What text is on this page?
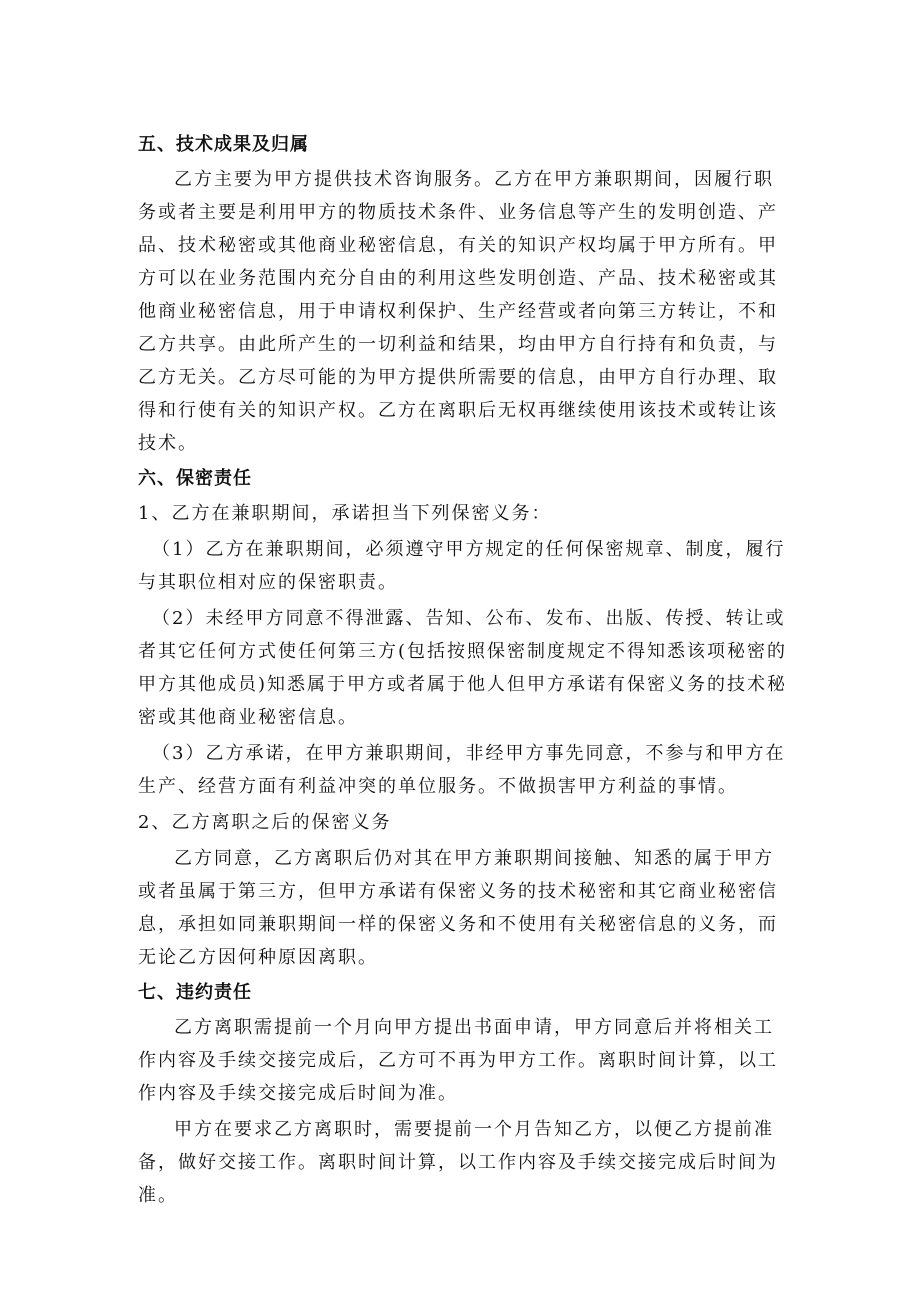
五、技术成果及归属
乙方主要为甲方提供技术咨询服务。乙方在甲方兼职期间，因履行职务或者主要是利用甲方的物质技术条件、业务信息等产生的发明创造、产品、技术秘密或其他商业秘密信息，有关的知识产权均属于甲方所有。甲方可以在业务范围内充分自由的利用这些发明创造、产品、技术秘密或其他商业秘密信息，用于申请权利保护、生产经营或者向第三方转让，不和乙方共享。由此所产生的一切利益和结果，均由甲方自行持有和负责，与乙方无关。乙方尽可能的为甲方提供所需要的信息，由甲方自行办理、取得和行使有关的知识产权。乙方在离职后无权再继续使用该技术或转让该技术。
六、保密责任
1、乙方在兼职期间，承诺担当下列保密义务：
（1）乙方在兼职期间，必须遵守甲方规定的任何保密规章、制度，履行与其职位相对应的保密职责。
（2）未经甲方同意不得泄露、告知、公布、发布、出版、传授、转让或者其它任何方式使任何第三方(包括按照保密制度规定不得知悉该项秘密的甲方其他成员)知悉属于甲方或者属于他人但甲方承诺有保密义务的技术秘密或其他商业秘密信息。
（3）乙方承诺，在甲方兼职期间，非经甲方事先同意，不参与和甲方在生产、经营方面有利益冲突的单位服务。不做损害甲方利益的事情。
2、乙方离职之后的保密义务
乙方同意，乙方离职后仍对其在甲方兼职期间接触、知悉的属于甲方或者虽属于第三方，但甲方承诺有保密义务的技术秘密和其它商业秘密信息，承担如同兼职期间一样的保密义务和不使用有关秘密信息的义务，而无论乙方因何种原因离职。
七、违约责任
乙方离职需提前一个月向甲方提出书面申请，甲方同意后并将相关工作内容及手续交接完成后，乙方可不再为甲方工作。离职时间计算，以工作内容及手续交接完成后时间为准。
甲方在要求乙方离职时，需要提前一个月告知乙方，以便乙方提前准备，做好交接工作。离职时间计算，以工作内容及手续交接完成后时间为准。
